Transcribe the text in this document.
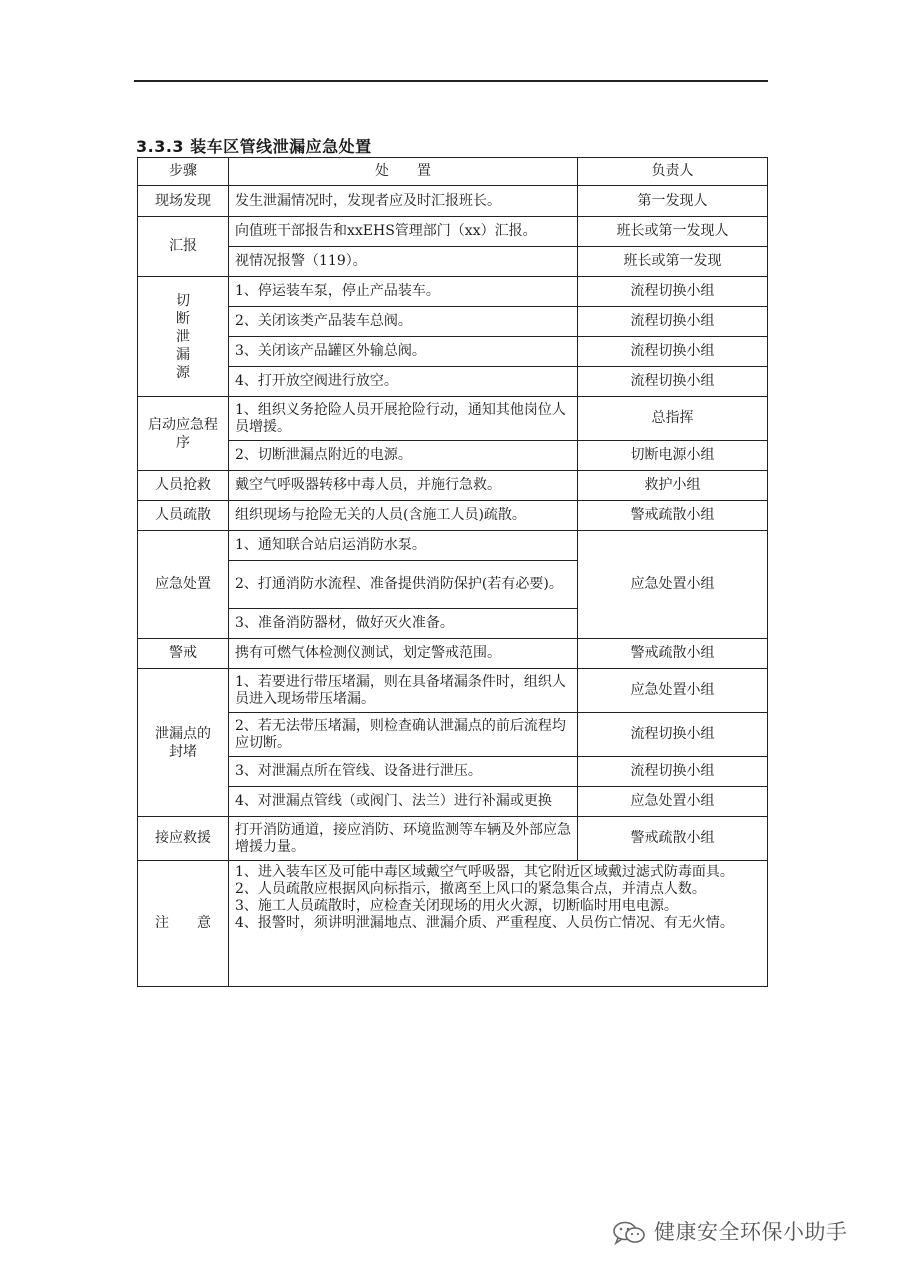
3.3.3 装车区管线泄漏应急处置
步骤	处　　置	负责人
现场发现	发生泄漏情况时，发现者应及时汇报班长。	第一发现人
汇报	向值班干部报告和xxEHS管理部门（xx）汇报。	班长或第一发现人
	视情况报警（119）。	班长或第一发现
切断泄漏源	1、停运装车泵，停止产品装车。	流程切换小组
	2、关闭该类产品装车总阀。	流程切换小组
	3、关闭该产品罐区外输总阀。	流程切换小组
	4、打开放空阀进行放空。	流程切换小组
启动应急程序	1、组织义务抢险人员开展抢险行动，通知其他岗位人员增援。	总指挥
	2、切断泄漏点附近的电源。	切断电源小组
人员抢救	戴空气呼吸器转移中毒人员，并施行急救。	救护小组
人员疏散	组织现场与抢险无关的人员(含施工人员)疏散。	警戒疏散小组
应急处置	1、通知联合站启运消防水泵。	应急处置小组
	2、打通消防水流程、准备提供消防保护(若有必要)。	
	3、准备消防器材，做好灭火准备。	
警戒	携有可燃气体检测仪测试，划定警戒范围。	警戒疏散小组
泄漏点的封堵	1、若要进行带压堵漏，则在具备堵漏条件时，组织人员进入现场带压堵漏。	应急处置小组
	2、若无法带压堵漏，则检查确认泄漏点的前后流程均应切断。	流程切换小组
	3、对泄漏点所在管线、设备进行泄压。	流程切换小组
	4、对泄漏点管线（或阀门、法兰）进行补漏或更换	应急处置小组
接应救援	打开消防通道，接应消防、环境监测等车辆及外部应急增援力量。	警戒疏散小组
注　　意	1、进入装车区及可能中毒区域戴空气呼吸器，其它附近区域戴过滤式防毒面具。
2、人员疏散应根据风向标指示，撤离至上风口的紧急集合点，并清点人数。
3、施工人员疏散时，应检查关闭现场的用火火源，切断临时用电电源。
4、报警时，须讲明泄漏地点、泄漏介质、严重程度、人员伤亡情况、有无火情。	
健康安全环保小助手
